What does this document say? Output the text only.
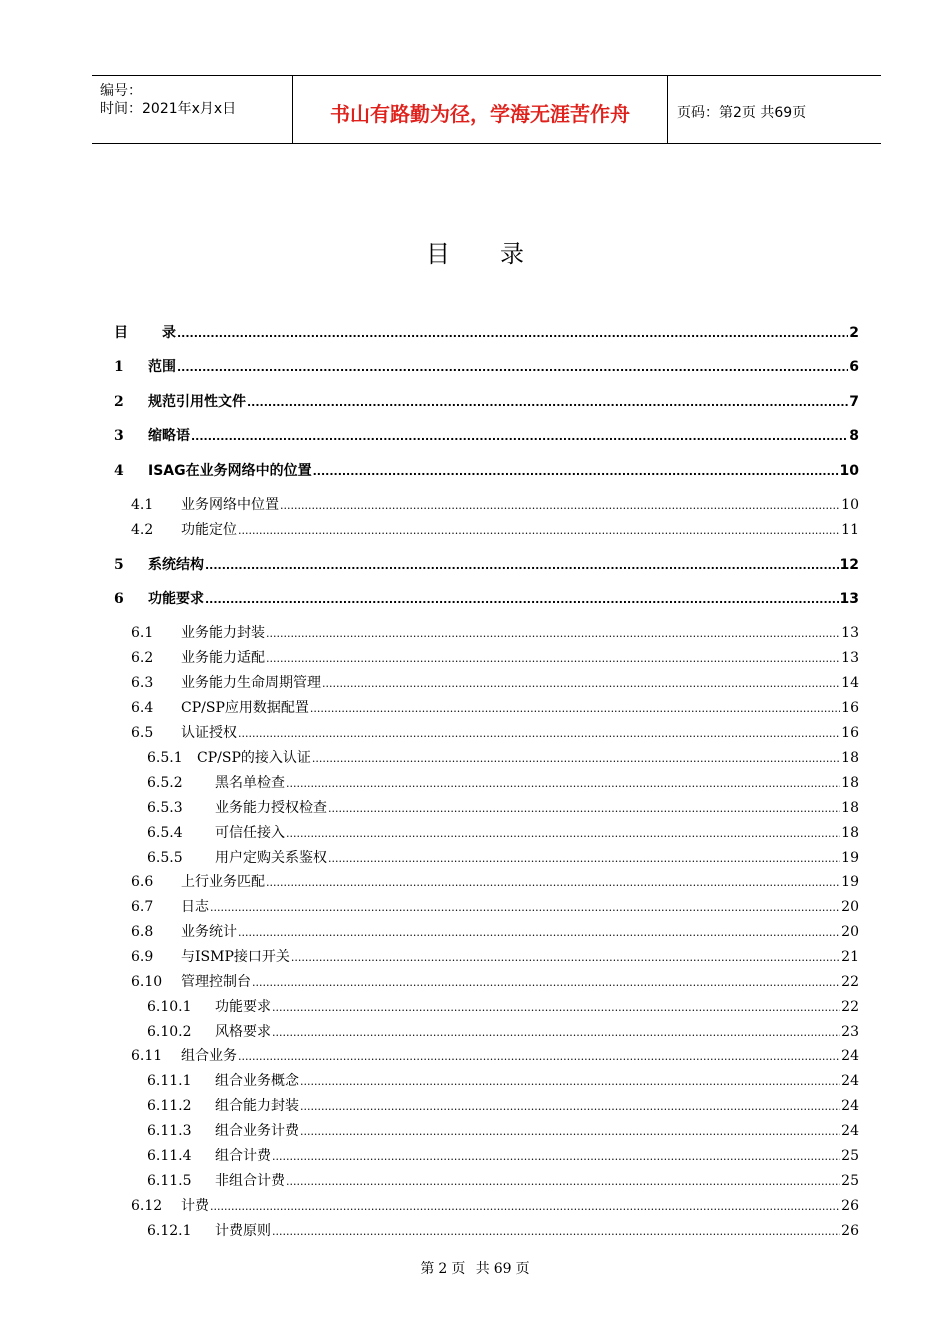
编号：
时间：2021年x月x日	书山有路勤为径，学海无涯苦作舟	页码：第2页 共69页
目录
目 录 .....	2
1 范围 .....	6
2 规范引用性文件 .....	7
3 缩略语 .....	8
4 ISAG在业务网络中的位置 .....	10
4.1 业务网络中位置 .....	10
4.2 功能定位 .....	11
5 系统结构 .....	12
6 功能要求 .....	13
6.1 业务能力封装 .....	13
6.2 业务能力适配 .....	13
6.3 业务能力生命周期管理 .....	14
6.4 CP/SP应用数据配置 .....	16
6.5 认证授权 .....	16
6.5.1 CP/SP的接入认证 .....	18
6.5.2 黑名单检查 .....	18
6.5.3 业务能力授权检查 .....	18
6.5.4 可信任接入 .....	18
6.5.5 用户定购关系鉴权 .....	19
6.6 上行业务匹配 .....	19
6.7 日志 .....	20
6.8 业务统计 .....	20
6.9 与ISMP接口开关 .....	21
6.10 管理控制台 .....	22
6.10.1 功能要求 .....	22
6.10.2 风格要求 .....	23
6.11 组合业务 .....	24
6.11.1 组合业务概念 .....	24
6.11.2 组合能力封装 .....	24
6.11.3 组合业务计费 .....	24
6.11.4 组合计费 .....	25
6.11.5 非组合计费 .....	25
6.12 计费 .....	26
6.12.1 计费原则 .....	26
第 2 页 共 69 页
